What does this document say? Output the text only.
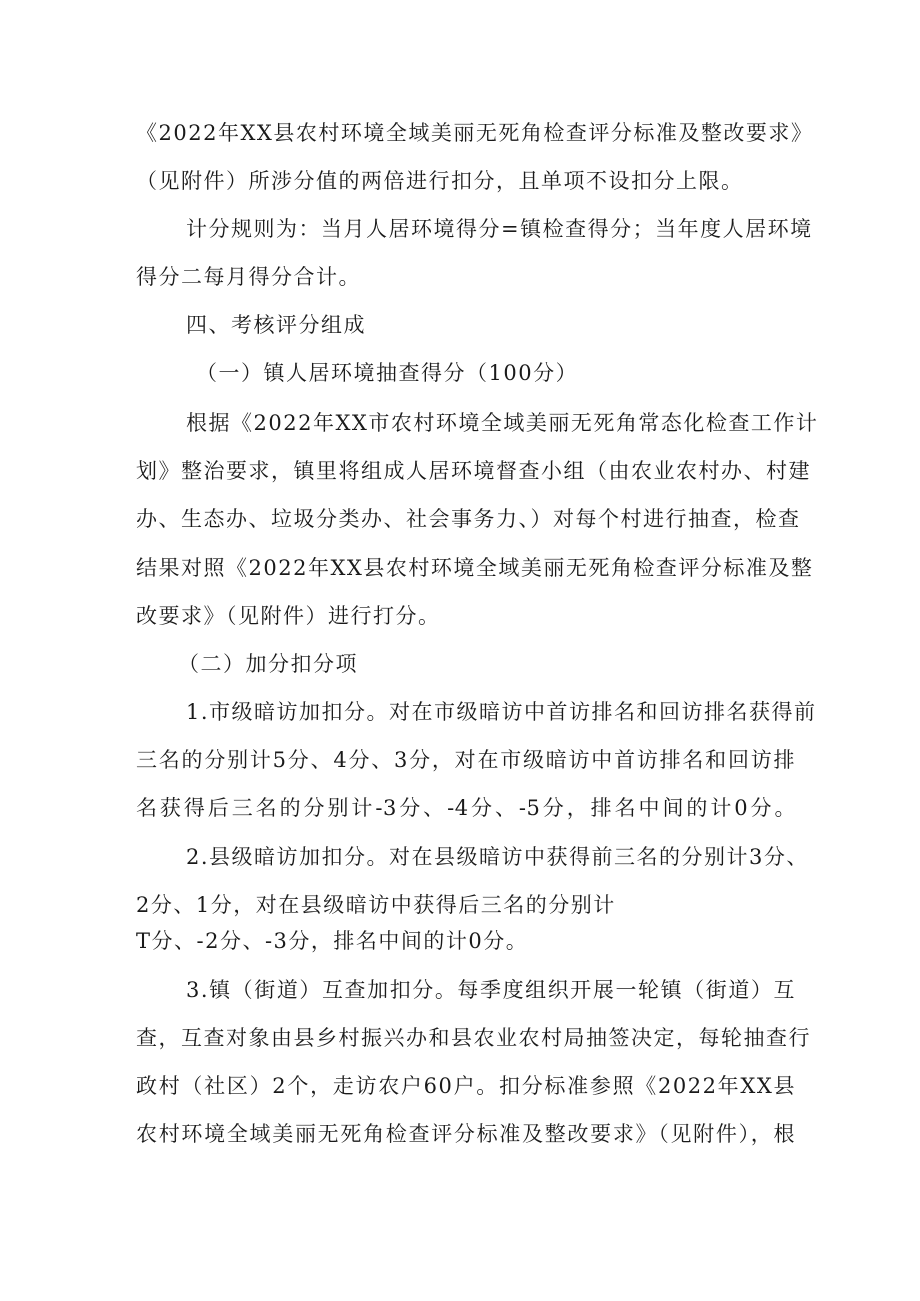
《2022年XX县农村环境全域美丽无死角检查评分标准及整改要求》
（见附件）所涉分值的两倍进行扣分，且单项不设扣分上限。
计分规则为：当月人居环境得分=镇检查得分；当年度人居环境
得分二每月得分合计。
四、考核评分组成
（一）镇人居环境抽查得分（100分）
根据《2022年XX市农村环境全域美丽无死角常态化检查工作计
划》整治要求，镇里将组成人居环境督查小组（由农业农村办、村建
办、生态办、垃圾分类办、社会事务力、）对每个村进行抽查，检查
结果对照《2022年XX县农村环境全域美丽无死角检查评分标准及整
改要求》（见附件）进行打分。
（二）加分扣分项
1.市级暗访加扣分。对在市级暗访中首访排名和回访排名获得前
三名的分别计5分、4分、3分，对在市级暗访中首访排名和回访排
名获得后三名的分别计-3分、-4分、-5分，排名中间的计0分。
2.县级暗访加扣分。对在县级暗访中获得前三名的分别计3分、
2分、1分，对在县级暗访中获得后三名的分别计
T分、-2分、-3分，排名中间的计0分。
3.镇（街道）互查加扣分。每季度组织开展一轮镇（街道）互
查，互查对象由县乡村振兴办和县农业农村局抽签决定，每轮抽查行
政村（社区）2个，走访农户60户。扣分标准参照《2022年XX县
农村环境全域美丽无死角检查评分标准及整改要求》（见附件），根
